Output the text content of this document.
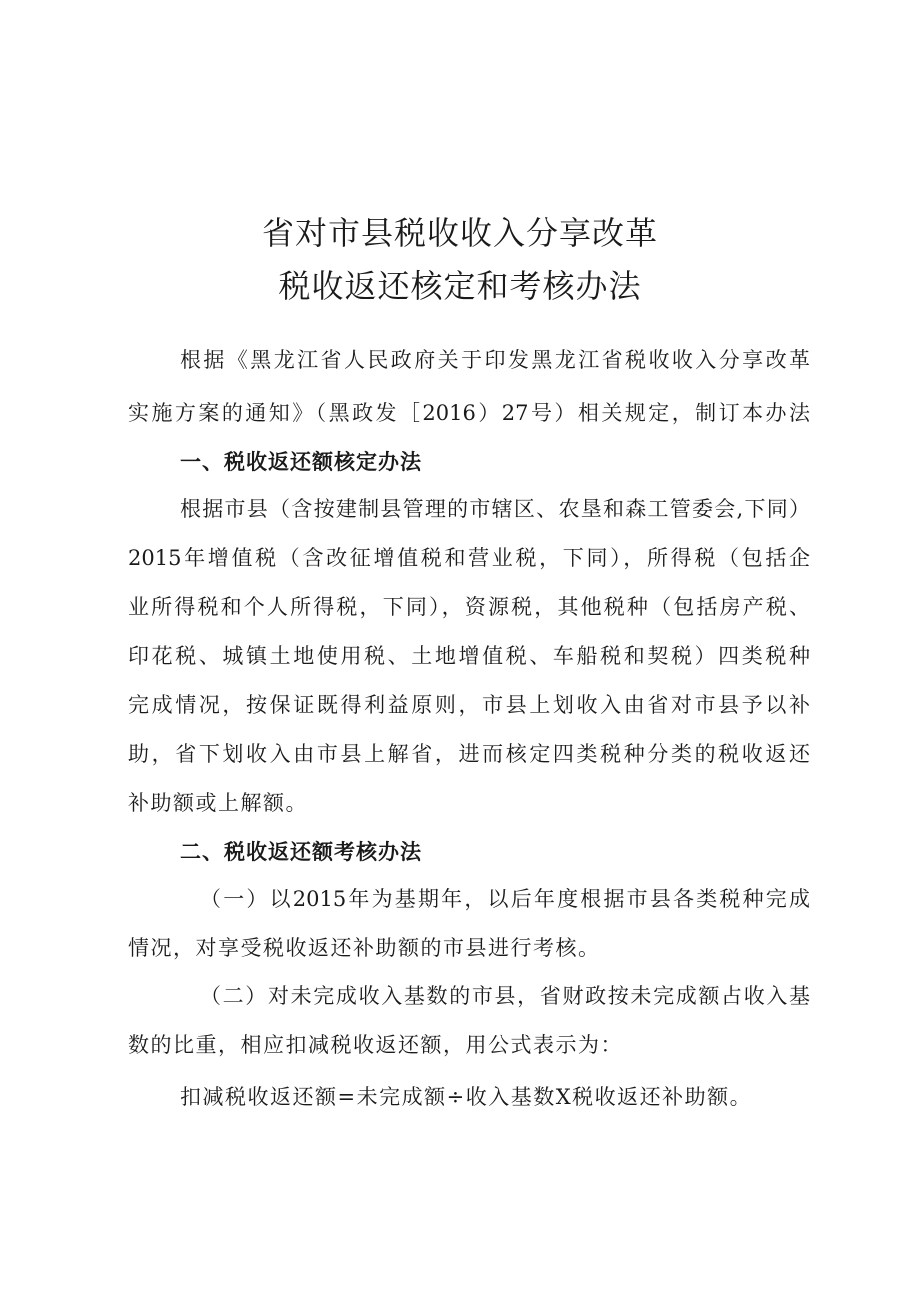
省对市县税收收入分享改革
税收返还核定和考核办法
根据《黑龙江省人民政府关于印发黑龙江省税收收入分享改革
实施方案的通知》（黑政发［2016）27号）相关规定，制订本办法
一、税收返还额核定办法
根据市县（含按建制县管理的市辖区、农垦和森工管委会,下同）
2015年增值税（含改征增值税和营业税，下同），所得税（包括企
业所得税和个人所得税，下同），资源税，其他税种（包括房产税、
印花税、城镇土地使用税、土地增值税、车船税和契税）四类税种
完成情况，按保证既得利益原则，市县上划收入由省对市县予以补
助，省下划收入由市县上解省，进而核定四类税种分类的税收返还
补助额或上解额。
二、税收返还额考核办法
（一）以2015年为基期年，以后年度根据市县各类税种完成
情况，对享受税收返还补助额的市县进行考核。
（二）对未完成收入基数的市县，省财政按未完成额占收入基
数的比重，相应扣减税收返还额，用公式表示为：
扣减税收返还额=未完成额÷收入基数X税收返还补助额。
